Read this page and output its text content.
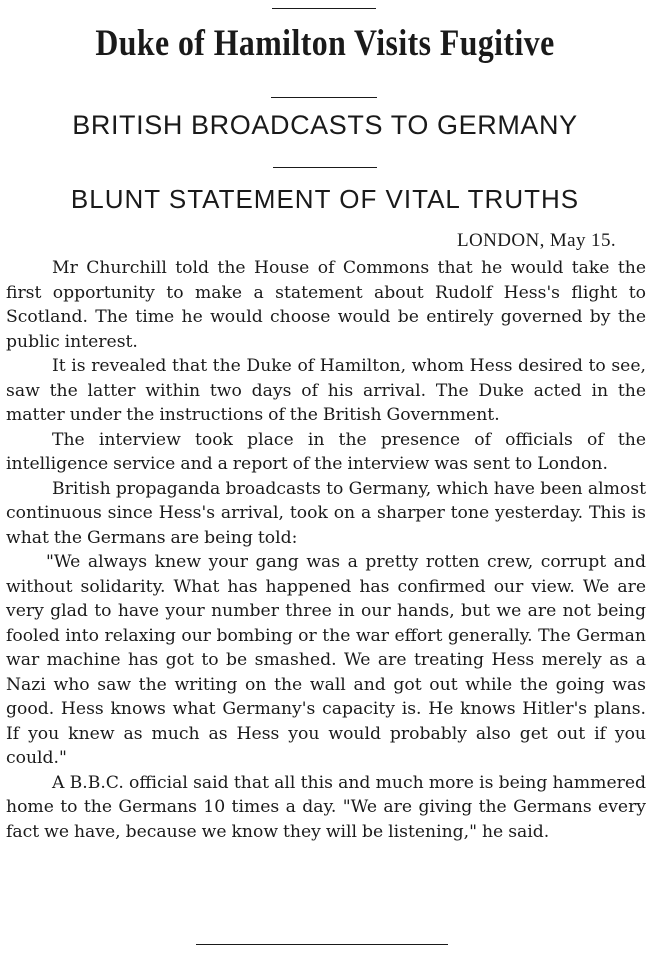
Duke of Hamilton Visits Fugitive
BRITISH BROADCASTS TO GERMANY
BLUNT STATEMENT OF VITAL TRUTHS
LONDON, May 15.

Mr Churchill told the House of Commons that he would take the first opportunity to make a statement about Rudolf Hess's flight to Scotland. The time he would choose would be entirely governed by the public interest.

It is revealed that the Duke of Hamilton, whom Hess desired to see, saw the latter within two days of his arrival. The Duke acted in the matter under the instructions of the British Government.

The interview took place in the presence of officials of the intelligence service and a report of the interview was sent to London.

British propaganda broadcasts to Germany, which have been almost continuous since Hess's arrival, took on a sharper tone yesterday. This is what the Germans are being told:

"We always knew your gang was a pretty rotten crew, corrupt and without solidarity. What has happened has confirmed our view. We are very glad to have your number three in our hands, but we are not being fooled into relaxing our bombing or the war effort generally. The German war machine has got to be smashed. We are treating Hess merely as a Nazi who saw the writing on the wall and got out while the going was good. Hess knows what Germany's capacity is. He knows Hitler's plans. If you knew as much as Hess you would probably also get out if you could."

A B.B.C. official said that all this and much more is being hammered home to the Germans 10 times a day. "We are giving the Germans every fact we have, because we know they will be listening," he said.
